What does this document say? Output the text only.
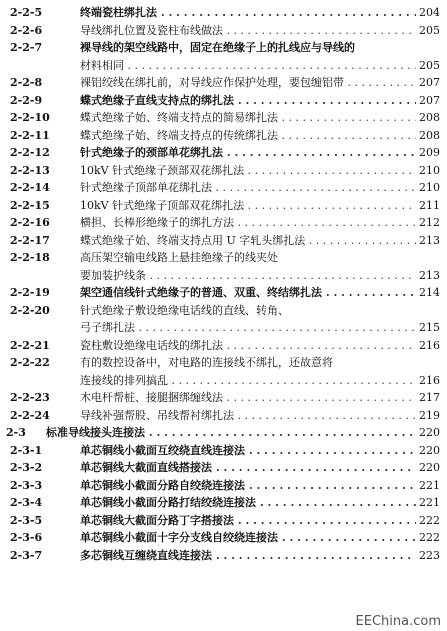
2-2-5	终端瓷柱绑扎法 . . .	204
2-2-6	导线绑扎位置及瓷柱布线做法 . . .	205
2-2-7	裸导线的架空线路中，固定在绝缘子上的扎线应与导线的
材料相同 . . .	205
2-2-8	裸铝绞线在绑扎前，对导线应作保护处理，要包缠铝带 . . .	207
2-2-9	蝶式绝缘子直线支持点的绑扎法 . . .	207
2-2-10	蝶式绝缘子始、终端支持点的简易绑扎法 . . .	208
2-2-11	蝶式绝缘子始、终端支持点的传统绑扎法 . . .	208
2-2-12	针式绝缘子的颈部单花绑扎法 . . .	209
2-2-13	10kV 针式绝缘子颈部双花绑扎法 . . .	210
2-2-14	针式绝缘子顶部单花绑扎法 . . .	210
2-2-15	10kV 针式绝缘子顶部双花绑扎法 . . .	211
2-2-16	横担、长棒形绝缘子的绑扎方法 . . .	212
2-2-17	蝶式绝缘子始、终端支持点用 U 字轧头绑扎法 . . .	213
2-2-18	高压架空输电线路上悬挂绝缘子的线夹处
要加装护线条 . . .	213
2-2-19	架空通信线针式绝缘子的普通、双重、终结绑扎法 . . .	214
2-2-20	针式绝缘子敷设绝缘电话线的直线、转角、
弓子绑扎法 . . .	215
2-2-21	瓷柱敷设绝缘电话线的绑扎法 . . .	216
2-2-22	有的数控设备中，对电路的连接线不绑扎，还故意将
连接线的排列搞乱 . . .	216
2-2-23	木电杆帮桩、接腿捆绑缠线法 . . .	217
2-2-24	导线补强帮股、吊线帮衬绑扎法 . . .	219
2-3 标准导线接头连接法 . . .	220
2-3-1	单芯铜线小截面互绞绕直线连接法 . . .	220
2-3-2	单芯铜线大截面直线搭接法 . . .	220
2-3-3	单芯铜线小截面分路自绞绕连接法 . . .	221
2-3-4	单芯铜线小截面分路打结绞绕连接法 . . .	221
2-3-5	单芯铜线大截面分路丁字搭接法 . . .	222
2-3-6	单芯铜线小截面十字分支线自绞绕连接法 . . .	222
2-3-7	多芯铜线互缠绕直线连接法 . . .	223
EEChina.com
